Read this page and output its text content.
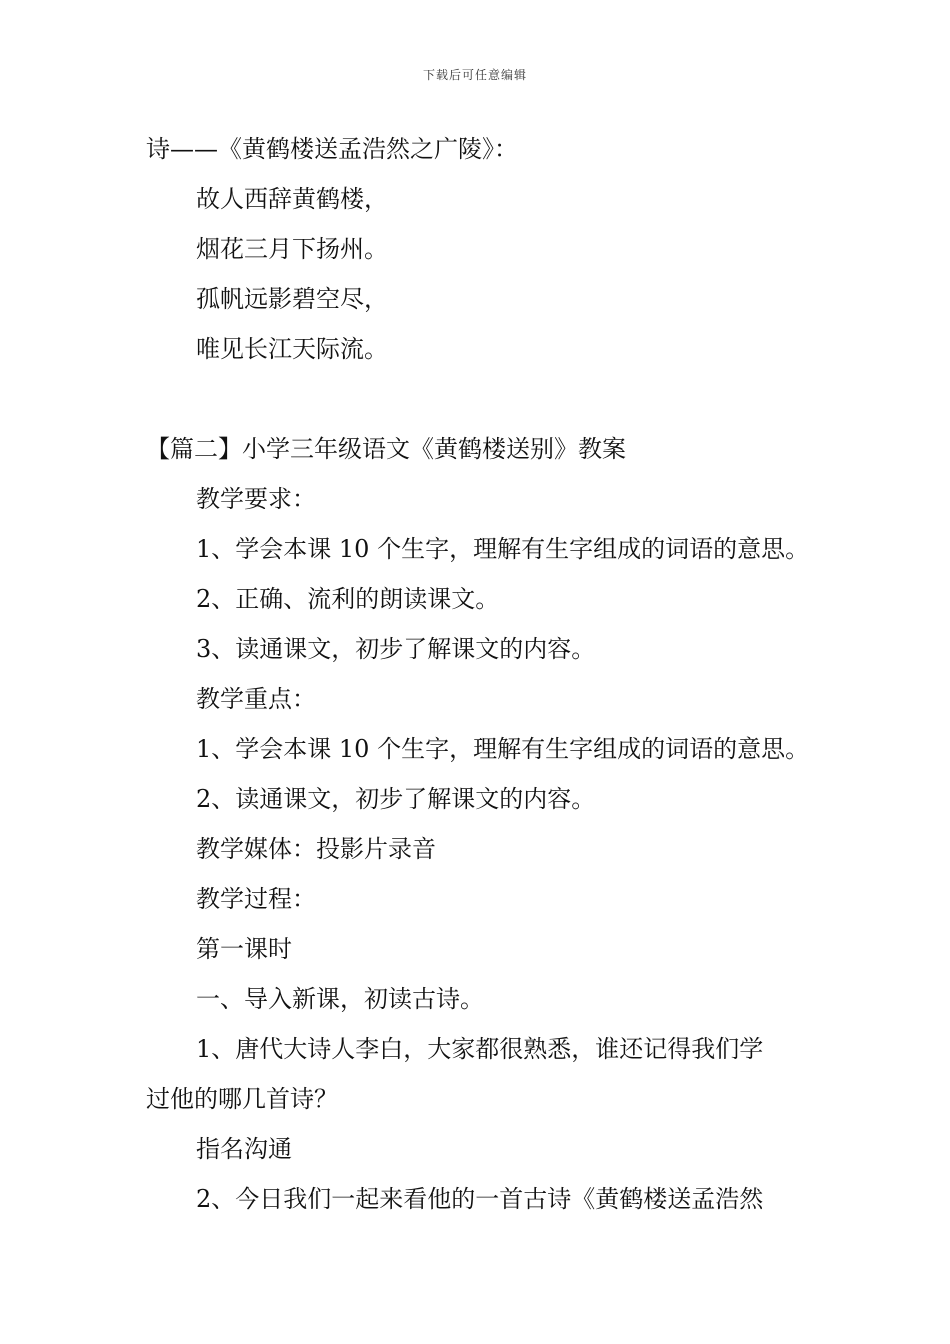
下载后可任意编辑
诗——《黄鹤楼送孟浩然之广陵》：
故人西辞黄鹤楼，
烟花三月下扬州。
孤帆远影碧空尽，
唯见长江天际流。
【篇二】小学三年级语文《黄鹤楼送别》教案
教学要求：
1、学会本课 10 个生字，理解有生字组成的词语的意思。
2、正确、流利的朗读课文。
3、读通课文，初步了解课文的内容。
教学重点：
1、学会本课 10 个生字，理解有生字组成的词语的意思。
2、读通课文，初步了解课文的内容。
教学媒体：投影片录音
教学过程：
第一课时
一、导入新课，初读古诗。
1、唐代大诗人李白，大家都很熟悉，谁还记得我们学
过他的哪几首诗？
指名沟通
2、今日我们一起来看他的一首古诗《黄鹤楼送孟浩然
